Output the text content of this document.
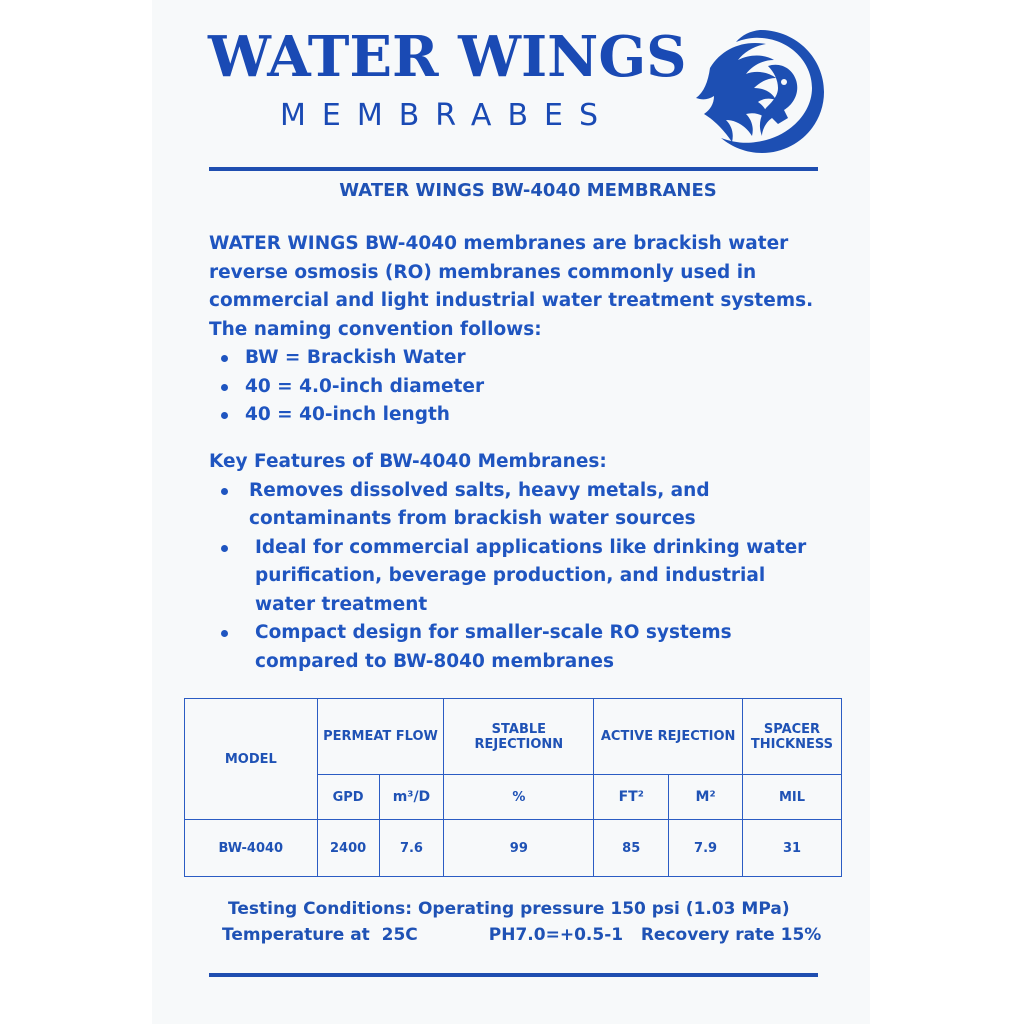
WATER WINGS
MEMBRABES
WATER WINGS BW-4040 MEMBRANES

WATER WINGS BW-4040 membranes are brackish water reverse osmosis (RO) membranes commonly used in commercial and light industrial water treatment systems. The naming convention follows:

BW = Brackish Water
40 = 4.0-inch diameter
40 = 40-inch length

Key Features of BW-4040 Membranes:

Removes dissolved salts, heavy metals, and contaminants from brackish water sources
Ideal for commercial applications like drinking water purification, beverage production, and industrial water treatment
Compact design for smaller-scale RO systems compared to BW-8040 membranes
MODEL	PERMEAT FLOW		STABLE REJECTIONN	ACTIVE REJECTION		SPACER THICKNESS
	GPD	m³/D	%	FT²	M²	MIL
BW-4040	2400	7.6	99	85	7.9	31
Testing Conditions: Operating pressure 150 psi (1.03 MPa)
Temperature at  25C            PH7.0=+0.5-1   Recovery rate 15%
